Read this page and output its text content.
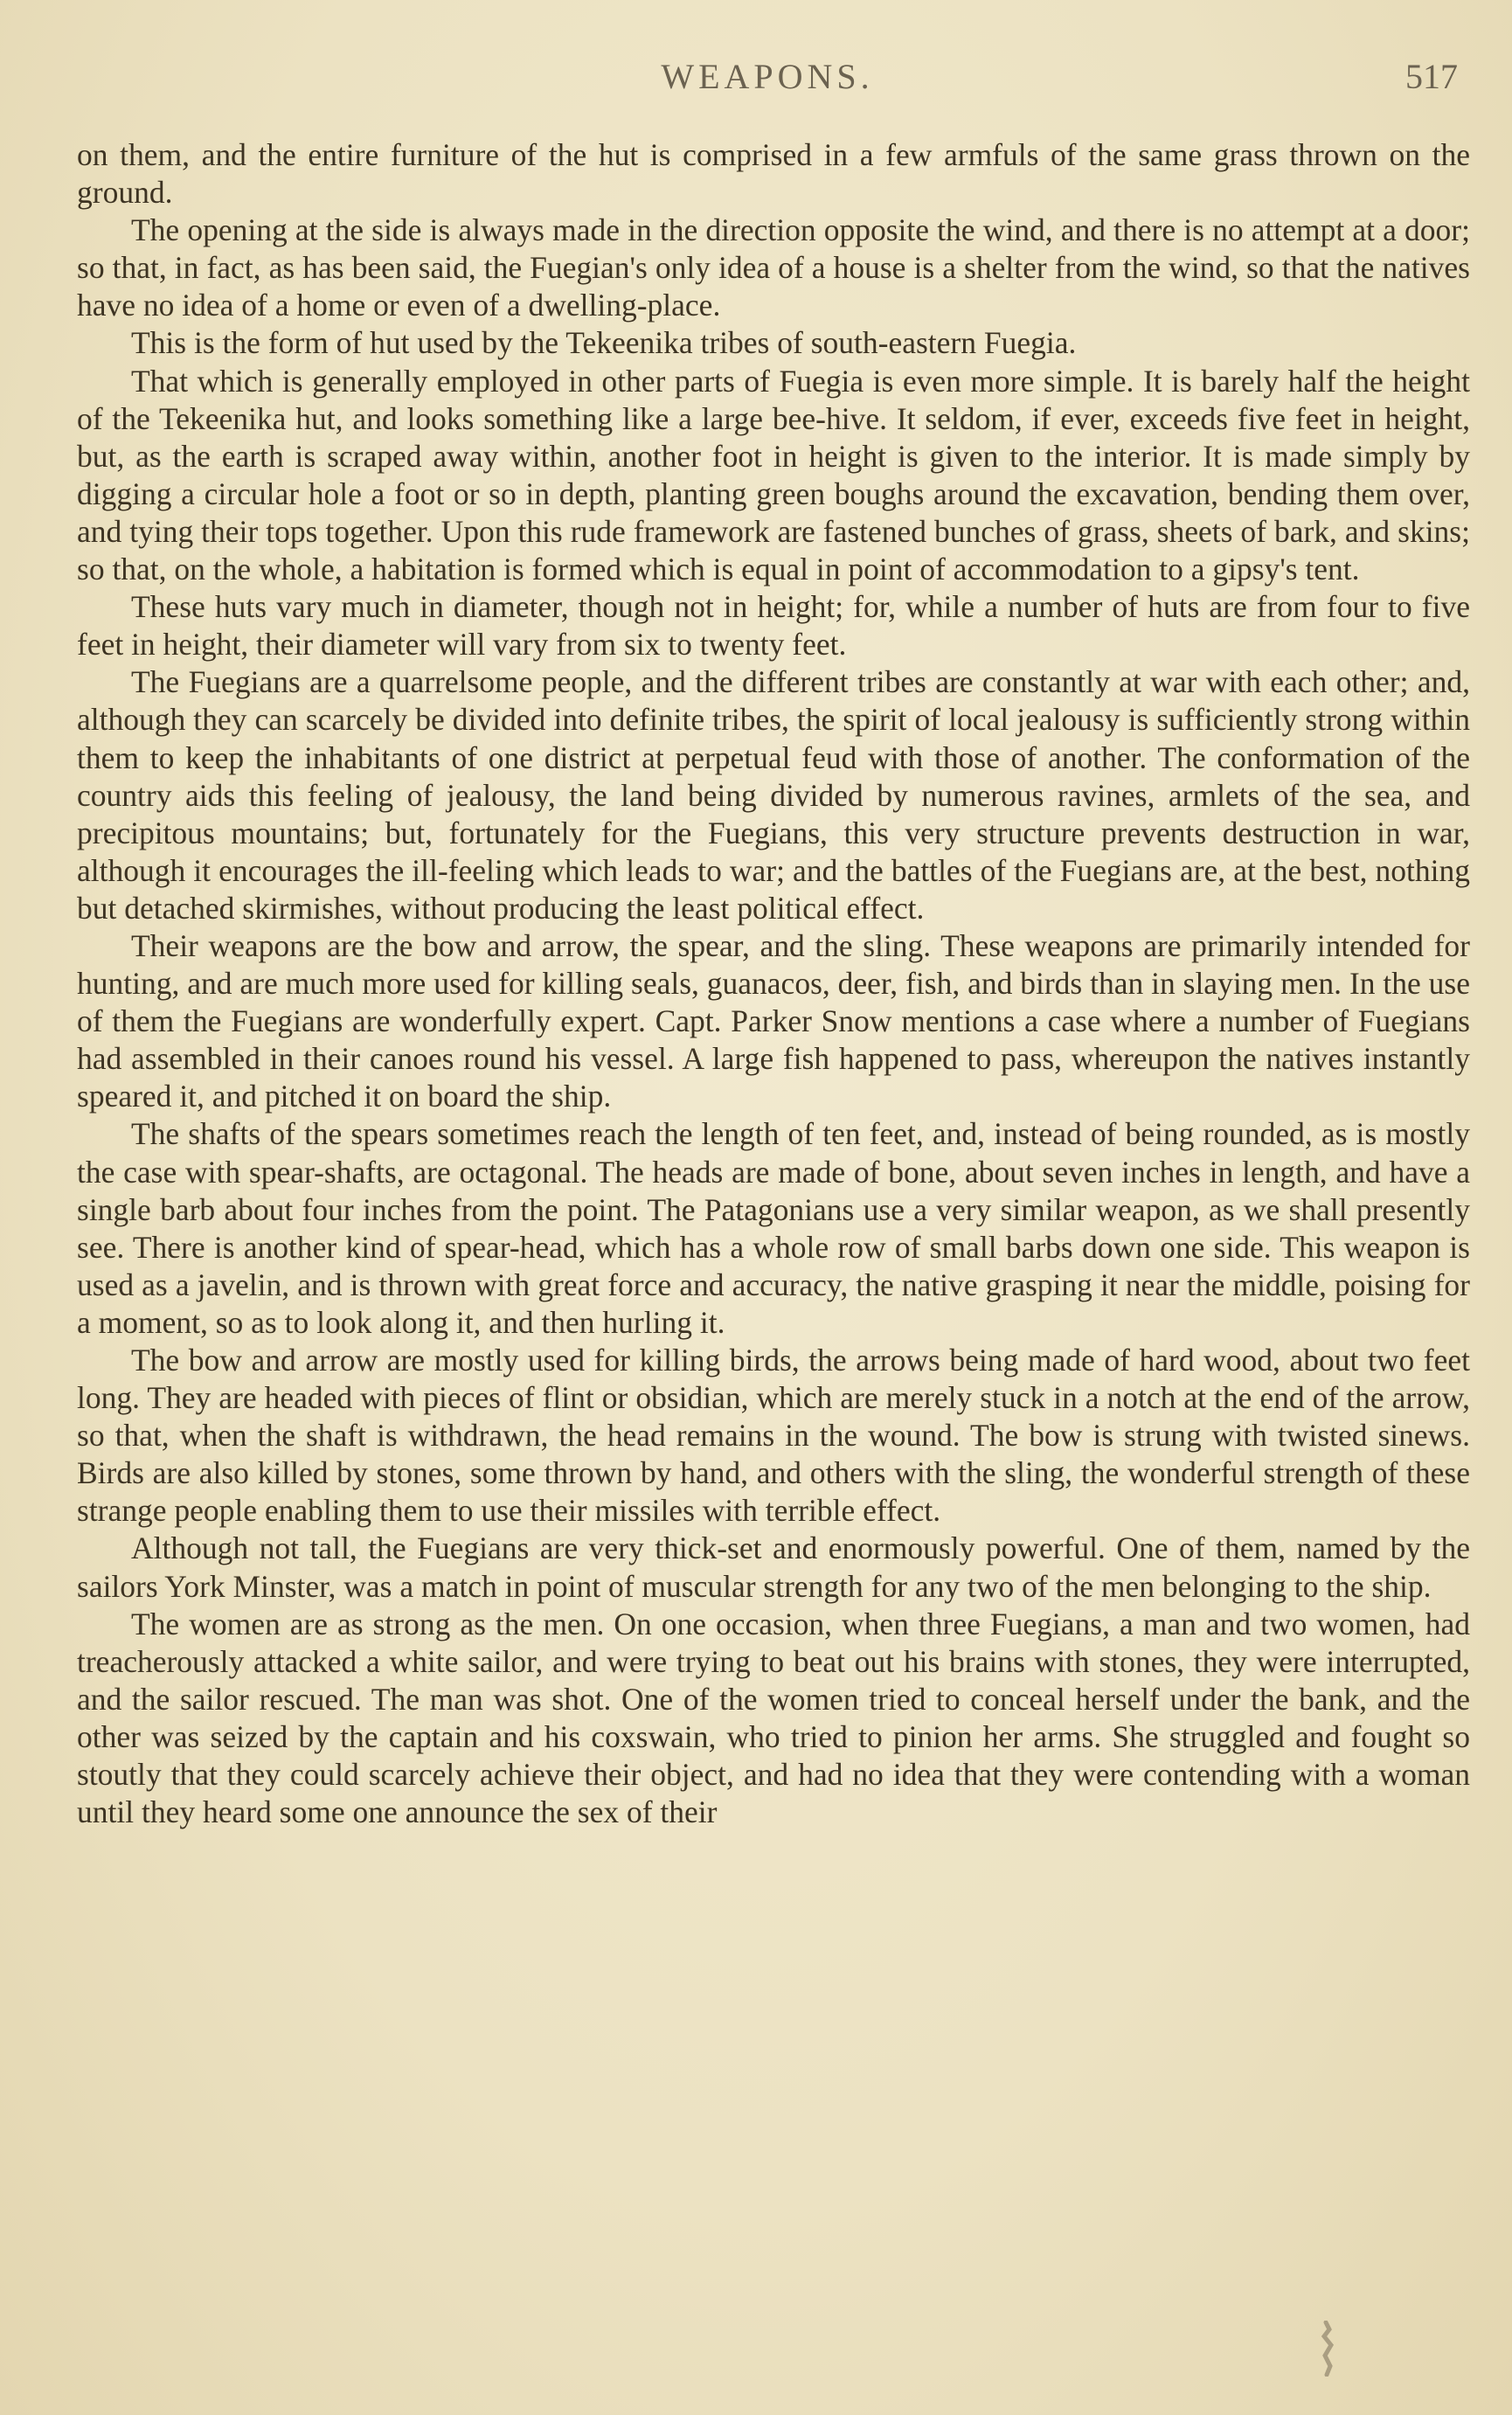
WEAPONS.	517

on them, and the entire furniture of the hut is comprised in a few armfuls of the same grass thrown on the ground.

The opening at the side is always made in the direction opposite the wind, and there is no attempt at a door; so that, in fact, as has been said, the Fuegian's only idea of a house is a shelter from the wind, so that the natives have no idea of a home or even of a dwelling-place.

This is the form of hut used by the Tekeenika tribes of south-eastern Fuegia.

That which is generally employed in other parts of Fuegia is even more simple. It is barely half the height of the Tekeenika hut, and looks something like a large bee-hive. It seldom, if ever, exceeds five feet in height, but, as the earth is scraped away within, another foot in height is given to the interior. It is made simply by digging a circular hole a foot or so in depth, planting green boughs around the excavation, bending them over, and tying their tops together. Upon this rude framework are fastened bunches of grass, sheets of bark, and skins; so that, on the whole, a habitation is formed which is equal in point of accommodation to a gipsy's tent.

These huts vary much in diameter, though not in height; for, while a number of huts are from four to five feet in height, their diameter will vary from six to twenty feet.

The Fuegians are a quarrelsome people, and the different tribes are constantly at war with each other; and, although they can scarcely be divided into definite tribes, the spirit of local jealousy is sufficiently strong within them to keep the inhabitants of one district at perpetual feud with those of another. The conformation of the country aids this feeling of jealousy, the land being divided by numerous ravines, armlets of the sea, and precipitous mountains; but, fortunately for the Fuegians, this very structure prevents destruction in war, although it encourages the ill-feeling which leads to war; and the battles of the Fuegians are, at the best, nothing but detached skirmishes, without producing the least political effect.

Their weapons are the bow and arrow, the spear, and the sling. These weapons are primarily intended for hunting, and are much more used for killing seals, guanacos, deer, fish, and birds than in slaying men. In the use of them the Fuegians are wonderfully expert. Capt. Parker Snow mentions a case where a number of Fuegians had assembled in their canoes round his vessel. A large fish happened to pass, whereupon the natives instantly speared it, and pitched it on board the ship.

The shafts of the spears sometimes reach the length of ten feet, and, instead of being rounded, as is mostly the case with spear-shafts, are octagonal. The heads are made of bone, about seven inches in length, and have a single barb about four inches from the point. The Patagonians use a very similar weapon, as we shall presently see. There is another kind of spear-head, which has a whole row of small barbs down one side. This weapon is used as a javelin, and is thrown with great force and accuracy, the native grasping it near the middle, poising for a moment, so as to look along it, and then hurling it.

The bow and arrow are mostly used for killing birds, the arrows being made of hard wood, about two feet long. They are headed with pieces of flint or obsidian, which are merely stuck in a notch at the end of the arrow, so that, when the shaft is withdrawn, the head remains in the wound. The bow is strung with twisted sinews. Birds are also killed by stones, some thrown by hand, and others with the sling, the wonderful strength of these strange people enabling them to use their missiles with terrible effect.

Although not tall, the Fuegians are very thick-set and enormously powerful. One of them, named by the sailors York Minster, was a match in point of muscular strength for any two of the men belonging to the ship.

The women are as strong as the men. On one occasion, when three Fuegians, a man and two women, had treacherously attacked a white sailor, and were trying to beat out his brains with stones, they were interrupted, and the sailor rescued. The man was shot. One of the women tried to conceal herself under the bank, and the other was seized by the captain and his coxswain, who tried to pinion her arms. She struggled and fought so stoutly that they could scarcely achieve their object, and had no idea that they were contending with a woman until they heard some one announce the sex of their
